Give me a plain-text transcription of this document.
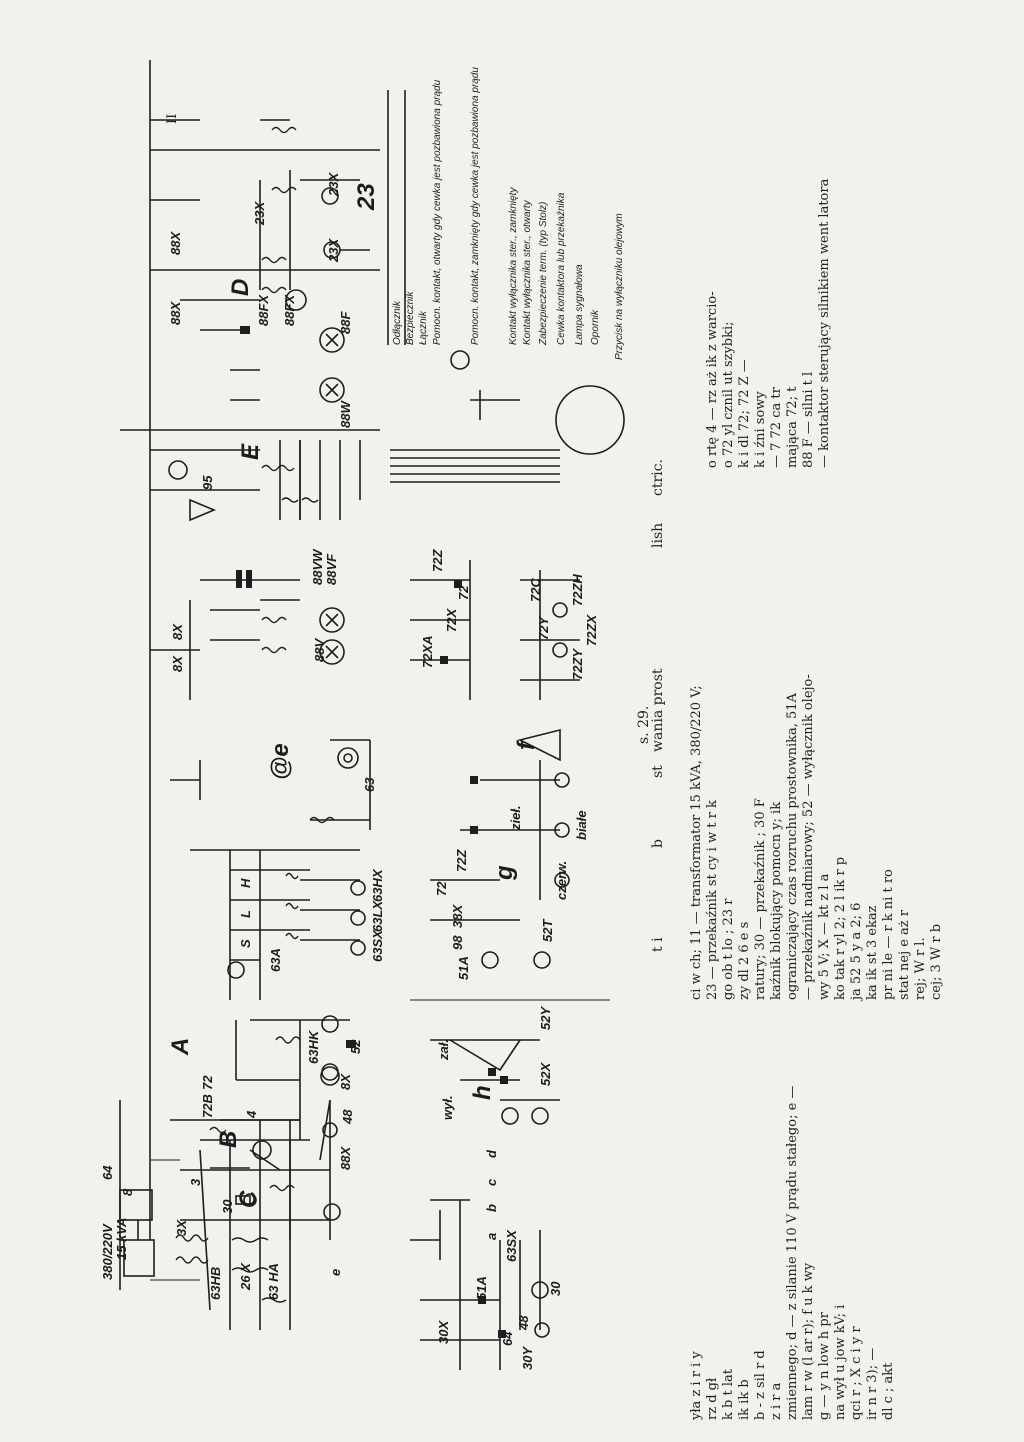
8
380/220V 15 kVA
64
3X
30
63HB 26 X 63 HA
3
4
A
B
C
D
E
23
f
g
h
@e
a
b
c
d
e
72B
72
63
63A
S
L
H
63HK
63SX
63LX
63HX
8X
88X
48
52
8X
8X
88V
88VW 88VF
95
88X
88X
23X
23X
23X
88FX 88FX
88W
88F
30X
30Y
64
48
51A
63SX
30
zał.
wył.
52X
52Y
51A
98
38X
72
72Z
52T
zieł.
czerw.
białe
72XA
72X
72
72Z
72Y	72ZX
72ZY
72C 72ZH
Odłącznik Bezpiecznik Łącznik Pomocn. kontakt, otwarty gdy cewka jest pozbawiona prądu	Pomocn. kontakt, zamknięty gdy cewka jest pozbawiona prądu	Kontakt wyłącznika ster., zamknięty Kontakt wyłącznika ster., otwarty Zabezpieczenie term. (typ Stolz) Cewka kontaktora lub przekaźnika Lampa sygnałowa Opornik Przycisk na wyłączniku olejowym
t i
b
st
wania prost
lish
ctric.
s. 29.	ci w ch; 11 — transformator 15 kVA, 380/220 V; 23 — przekaźnik st cy i w t r k go ob t lo ; 23 r zy dl 2 6 e s ratury; 30 — przekaźnik ; 30 F kaźnik blokujący pomocn y; ik ograniczający czas rozruchu prostownika, 51A — przekaźnik nadmiarowy; 52 — wyłącznik olejo- wy 5 V; X — kt z l a ko tak r yl 2; 2 l ik r p ja 52 5 y a 2; 6 ka ik st 3 ekaz pr ni le — r k ni t ro stat nej e aż r rej; W r l. cej; 3 W r b
o rtę 4 — rz aż ik z warcio- o 72 yl cznil ut szybki; k i dl 72; 72 Z — k i źni sowy — 7 72 ca tr mająca 72; t 88 F — silni t l — kontaktor sterujący silnikiem went latora
yła z i r i y rz d gł k b t lat ik ik b b - z sil r d z i r a zmiennego; d — z silanie 110 V prądu stałego; e — lam r w (l ar r); f u k wy g — y n low h pr na wył u jow kV; i qci r ; X c i y r ir n r 3); — dl c ; akt
II
